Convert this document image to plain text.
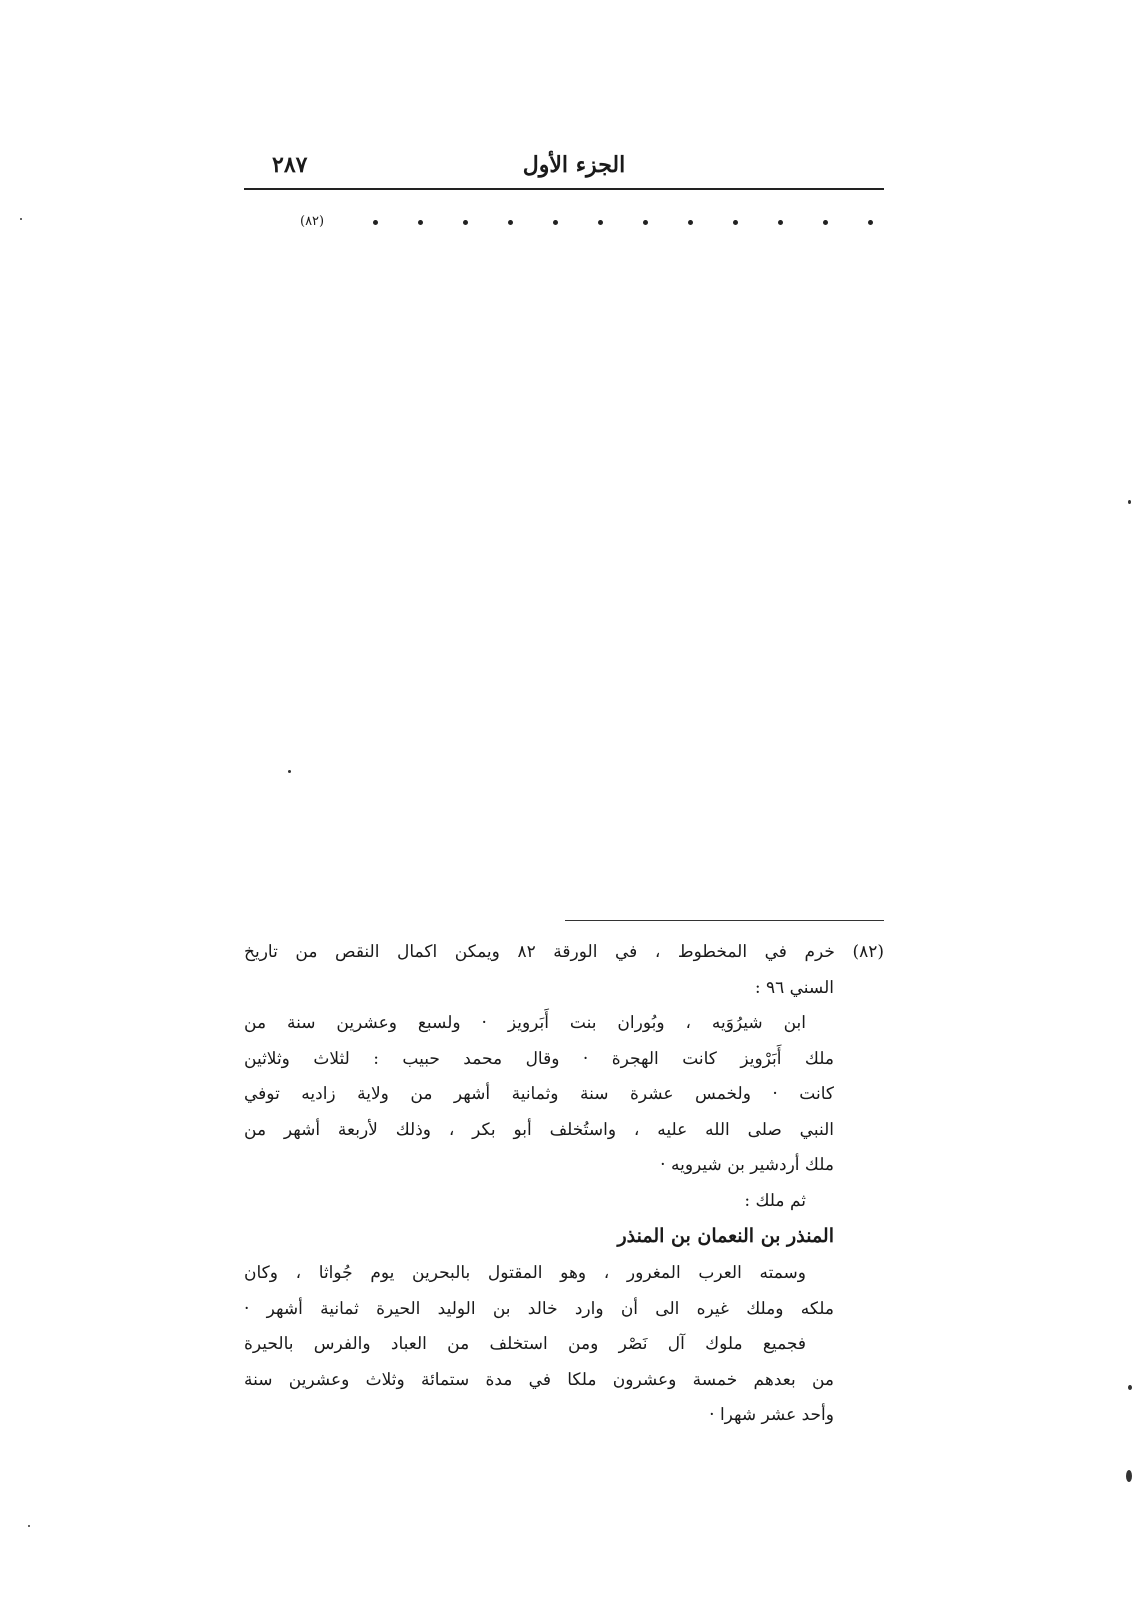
٢٨٧	الجزء الأول
(٨٢)
(٨٢) خرم في المخطوط ، في الورقة ٨٢ ويمكن اكمال النقص من تاريخ
السني ٩٦ :
ابن شيرُوَيه ، وبُوران بنت أَبَرويز · ولسبع وعشرين سنة من
ملك أَبَرْويز كانت الهجرة · وقال محمد حبيب : لثلاث وثلاثين
كانت · ولخمس عشرة سنة وثمانية أشهر من ولاية زاديه توفي
النبي صلى الله عليه ، واستُخلف أبو بكر ، وذلك لأربعة أشهر من
ملك أردشير بن شيرويه ·
ثم ملك :
المنذر بن النعمان بن المنذر
وسمته العرب المغرور ، وهو المقتول بالبحرين يوم جُواثا ، وكان
ملكه وملك غيره الى أن وارد خالد بن الوليد الحيرة ثمانية أشهر ·
فجميع ملوك آل نَصْر ومن استخلف من العباد والفرس بالحيرة
من بعدهم خمسة وعشرون ملكا في مدة ستمائة وثلاث وعشرين سنة
وأحد عشر شهرا ·
